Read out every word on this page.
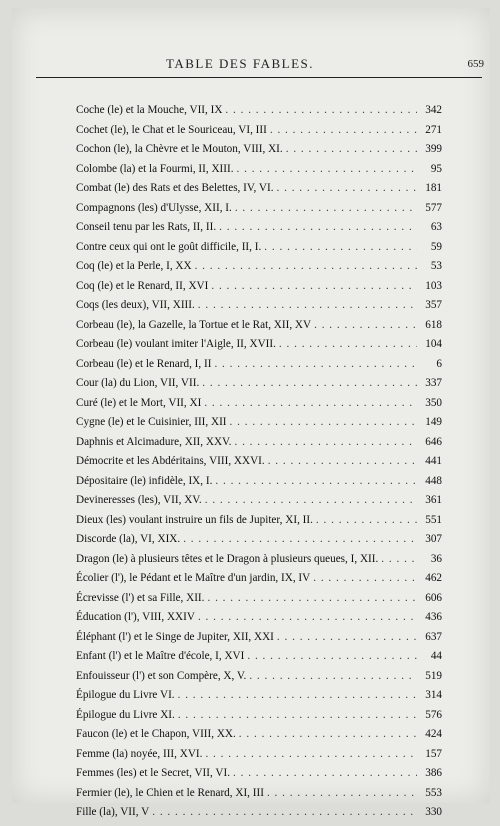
TABLE DES FABLES.	659
Coche (le) et la Mouche, VII, IX . . .	342
Cochet (le), le Chat et le Souriceau, VI, III . . .	271
Cochon (le), la Chèvre et le Mouton, VIII, XI. . . .	399
Colombe (la) et la Fourmi, II, XIII. . . .	95
Combat (le) des Rats et des Belettes, IV, VI. . . .	181
Compagnons (les) d'Ulysse, XII, I. . . .	577
Conseil tenu par les Rats, II, II. . . .	63
Contre ceux qui ont le goût difficile, II, I. . . .	59
Coq (le) et la Perle, I, XX . . .	53
Coq (le) et le Renard, II, XVI . . .	103
Coqs (les deux), VII, XIII. . . .	357
Corbeau (le), la Gazelle, la Tortue et le Rat, XII, XV . . .	618
Corbeau (le) voulant imiter l'Aigle, II, XVII. . . .	104
Corbeau (le) et le Renard, I, II . . .	6
Cour (la) du Lion, VII, VII. . . .	337
Curé (le) et le Mort, VII, XI . . .	350
Cygne (le) et le Cuisinier, III, XII . . .	149
Daphnis et Alcimadure, XII, XXV. . . .	646
Démocrite et les Abdéritains, VIII, XXVI. . . .	441
Dépositaire (le) infidèle, IX, I. . . .	448
Devineresses (les), VII, XV. . . .	361
Dieux (les) voulant instruire un fils de Jupiter, XI, II. . . .	551
Discorde (la), VI, XIX. . . .	307
Dragon (le) à plusieurs têtes et le Dragon à plusieurs queues, I, XII. . . .	36
Écolier (l'), le Pédant et le Maître d'un jardin, IX, IV . . .	462
Écrevisse (l') et sa Fille, XII. . . .	606
Éducation (l'), VIII, XXIV . . .	436
Éléphant (l') et le Singe de Jupiter, XII, XXI . . .	637
Enfant (l') et le Maître d'école, I, XVI . . .	44
Enfouisseur (l') et son Compère, X, V. . . .	519
Épilogue du Livre VI. . . .	314
Épilogue du Livre XI. . . .	576
Faucon (le) et le Chapon, VIII, XX. . . .	424
Femme (la) noyée, III, XVI. . . .	157
Femmes (les) et le Secret, VII, VI. . . .	386
Fermier (le), le Chien et le Renard, XI, III . . .	553
Fille (la), VII, V . . .	330
